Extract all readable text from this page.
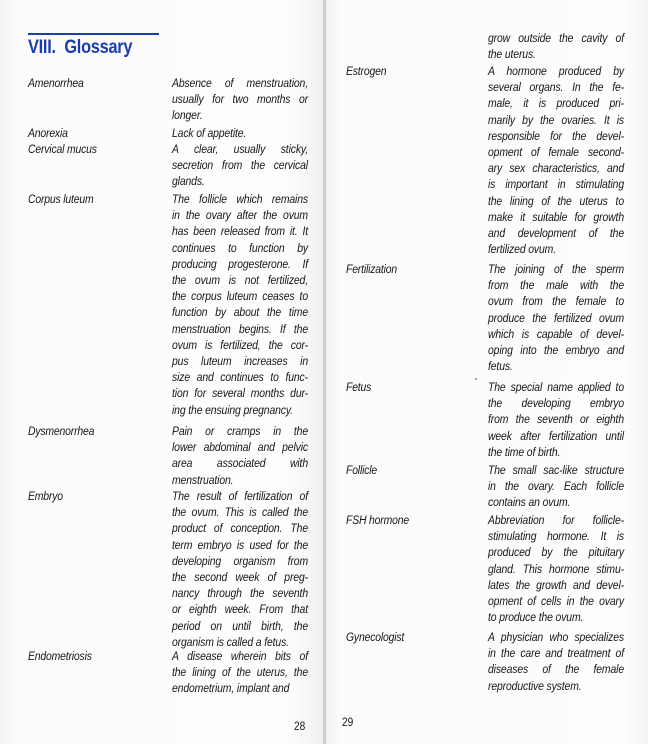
VIII.  Glossary
Amenorrhea	Absence of menstruation,
usually for two months or
longer.
Anorexia	Lack of appetite.
Cervical mucus	A clear, usually sticky,
secretion from the cervical
glands.
Corpus luteum	The follicle which remains
in the ovary after the ovum
has been released from it. It
continues to function by
producing progesterone. If
the ovum is not fertilized,
the corpus luteum ceases to
function by about the time
menstruation begins. If the
ovum is fertilized, the cor-
pus luteum increases in
size and continues to func-
tion for several months dur-
ing the ensuing pregnancy.
Dysmenorrhea	Pain or cramps in the
lower abdominal and pelvic
area associated with
menstruation.
Embryo	The result of fertilization of
the ovum. This is called the
product of conception. The
term embryo is used for the
developing organism from
the second week of preg-
nancy through the seventh
or eighth week. From that
period on until birth, the
organism is called a fetus.
Endometriosis	A disease wherein bits of
the lining of the uterus, the
endometrium, implant and
28
grow outside the cavity of
the uterus.
Estrogen	A hormone produced by
several organs. In the fe-
male, it is produced pri-
marily by the ovaries. It is
responsible for the devel-
opment of female second-
ary sex characteristics, and
is important in stimulating
the lining of the uterus to
make it suitable for growth
and development of the
fertilized ovum.
Fertilization	The joining of the sperm
from the male with the
ovum from the female to
produce the fertilized ovum
which is capable of devel-
oping into the embryo and
fetus.
Fetus	The special name applied to
the developing embryo
from the seventh or eighth
week after fertilization until
the time of birth.
Follicle	The small sac-like structure
in the ovary. Each follicle
contains an ovum.
FSH hormone	Abbreviation for follicle-
stimulating hormone. It is
produced by the pituitary
gland. This hormone stimu-
lates the growth and devel-
opment of cells in the ovary
to produce the ovum.
Gynecologist	A physician who specializes
in the care and treatment of
diseases of the female
reproductive system.
29
